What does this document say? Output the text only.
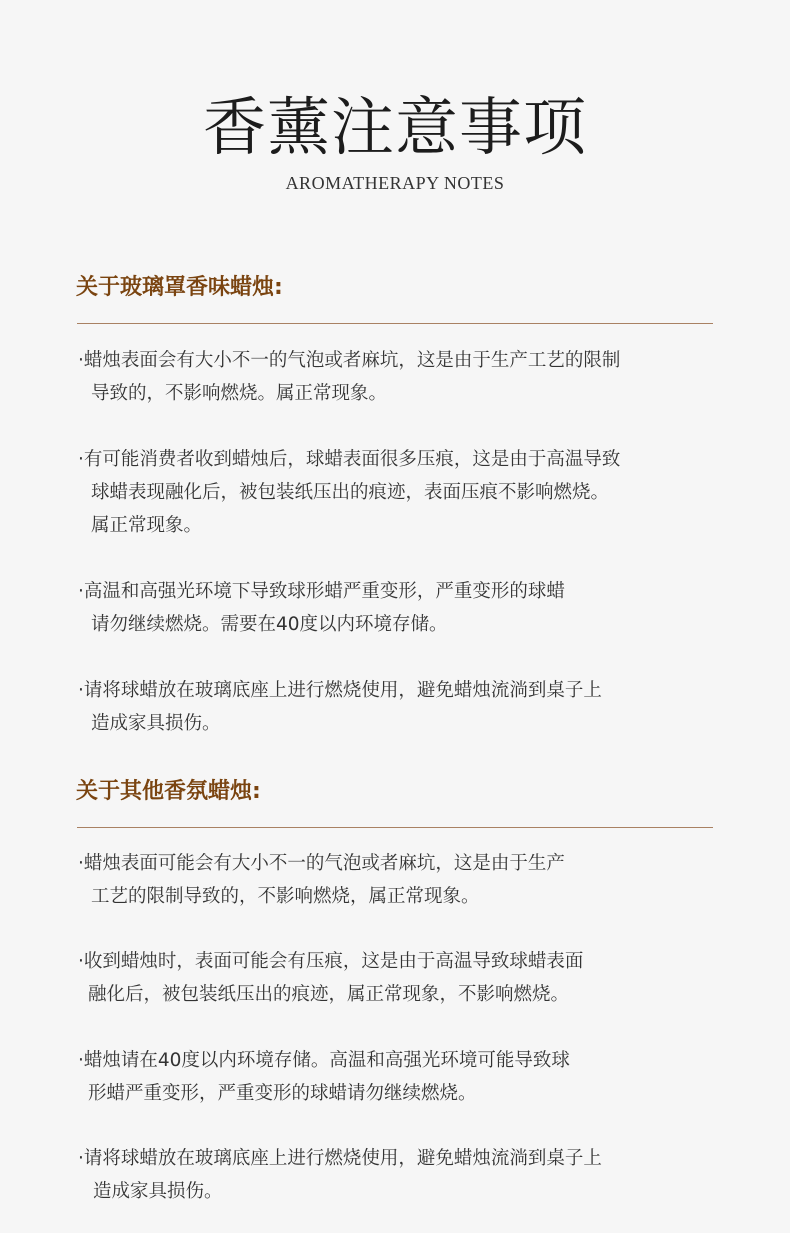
香薰注意事项
AROMATHERAPY NOTES
关于玻璃罩香味蜡烛:

·蜡烛表面会有大小不一的气泡或者麻坑，这是由于生产工艺的限制
导致的，不影响燃烧。属正常现象。

·有可能消费者收到蜡烛后，球蜡表面很多压痕，这是由于高温导致
球蜡表现融化后，被包装纸压出的痕迹，表面压痕不影响燃烧。
属正常现象。

·高温和高强光环境下导致球形蜡严重变形，严重变形的球蜡
请勿继续燃烧。需要在40度以内环境存储。

·请将球蜡放在玻璃底座上进行燃烧使用，避免蜡烛流淌到桌子上
造成家具损伤。

关于其他香氛蜡烛:

·蜡烛表面可能会有大小不一的气泡或者麻坑，这是由于生产
工艺的限制导致的，不影响燃烧，属正常现象。

·收到蜡烛时，表面可能会有压痕，这是由于高温导致球蜡表面
融化后，被包装纸压出的痕迹，属正常现象，不影响燃烧。

·蜡烛请在40度以内环境存储。高温和高强光环境可能导致球
形蜡严重变形，严重变形的球蜡请勿继续燃烧。

·请将球蜡放在玻璃底座上进行燃烧使用，避免蜡烛流淌到桌子上
造成家具损伤。
